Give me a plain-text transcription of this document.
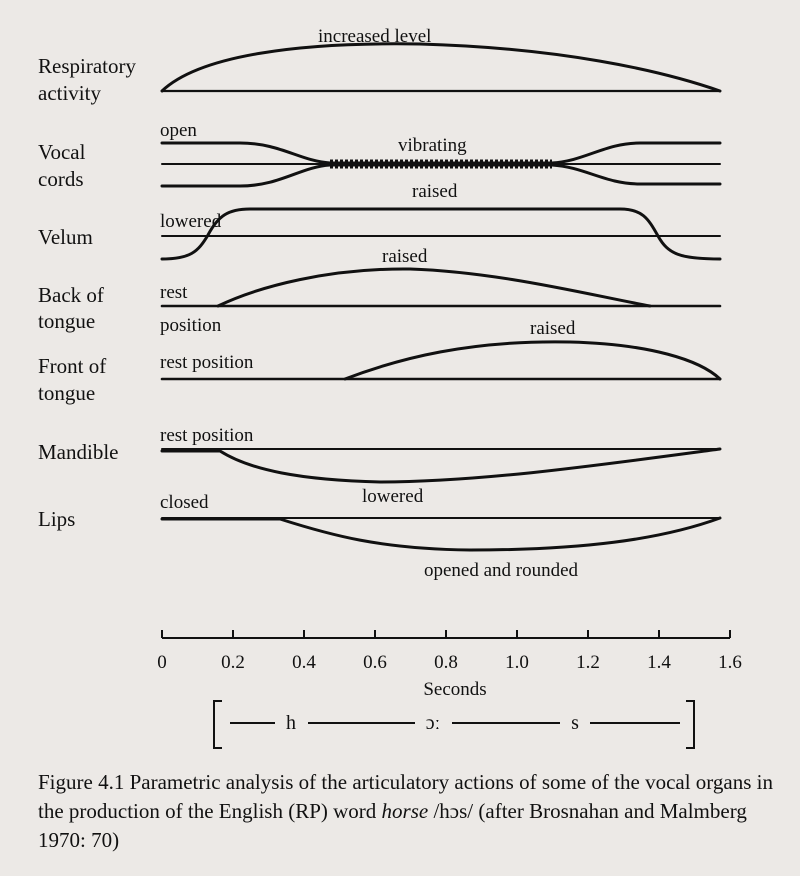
Respiratory
activity
Vocal
cords
Velum
Back of
tongue
Front of
tongue
Mandible
Lips
increased level
open
vibrating
raised
lowered
raised
rest
position	raised
rest position
rest position
lowered
closed
opened and rounded
0	0.2 0.4 0.6 0.8 1.0 1.2 1.4 1.6
Seconds
h	ɔː	s
Figure 4.1 Parametric analysis of the articulatory actions of some of the vocal organs in the production of the English (RP) word horse /hɔs/ (after Brosnahan and Malmberg 1970: 70)
